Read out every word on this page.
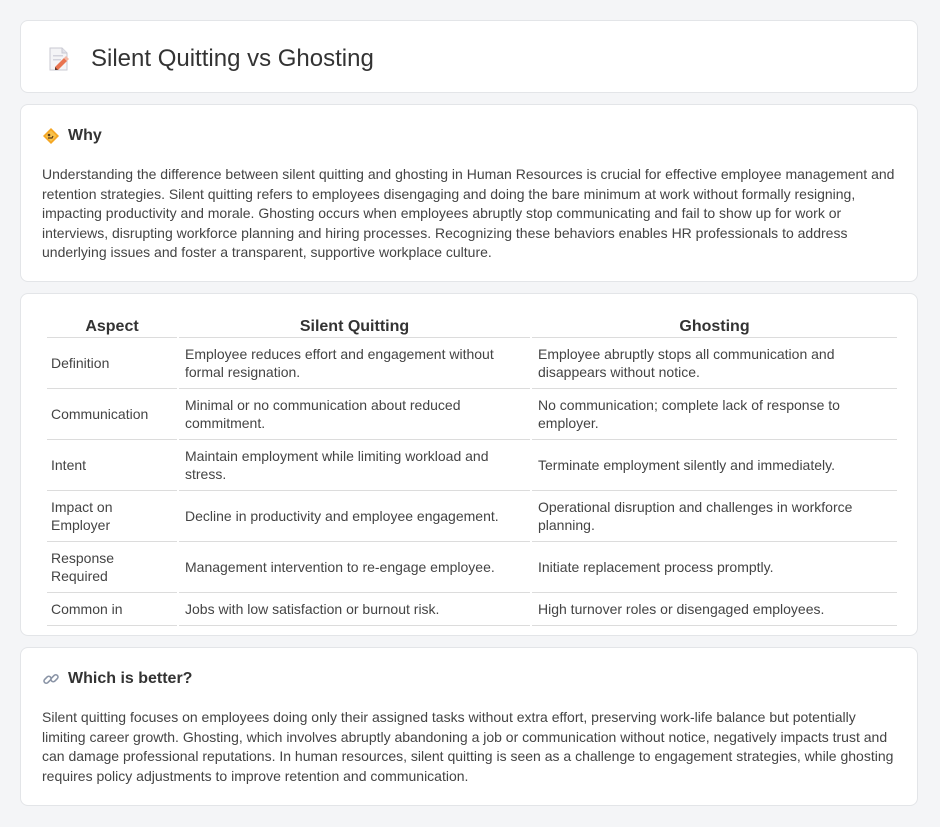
Silent Quitting vs Ghosting
Why

Understanding the difference between silent quitting and ghosting in Human Resources is crucial for effective employee management and retention strategies. Silent quitting refers to employees disengaging and doing the bare minimum at work without formally resigning, impacting productivity and morale. Ghosting occurs when employees abruptly stop communicating and fail to show up for work or interviews, disrupting workforce planning and hiring processes. Recognizing these behaviors enables HR professionals to address underlying issues and foster a transparent, supportive workplace culture.

Aspect	Silent Quitting	Ghosting
Definition	Employee reduces effort and engagement without formal resignation.	Employee abruptly stops all communication and disappears without notice.
Communication	Minimal or no communication about reduced commitment.	No communication; complete lack of response to employer.
Intent	Maintain employment while limiting workload and stress.	Terminate employment silently and immediately.
Impact on Employer	Decline in productivity and employee engagement.	Operational disruption and challenges in workforce planning.
Response Required	Management intervention to re-engage employee.	Initiate replacement process promptly.
Common in	Jobs with low satisfaction or burnout risk.	High turnover roles or disengaged employees.
Which is better?

Silent quitting focuses on employees doing only their assigned tasks without extra effort, preserving work-life balance but potentially limiting career growth. Ghosting, which involves abruptly abandoning a job or communication without notice, negatively impacts trust and can damage professional reputations. In human resources, silent quitting is seen as a challenge to engagement strategies, while ghosting requires policy adjustments to improve retention and communication.
